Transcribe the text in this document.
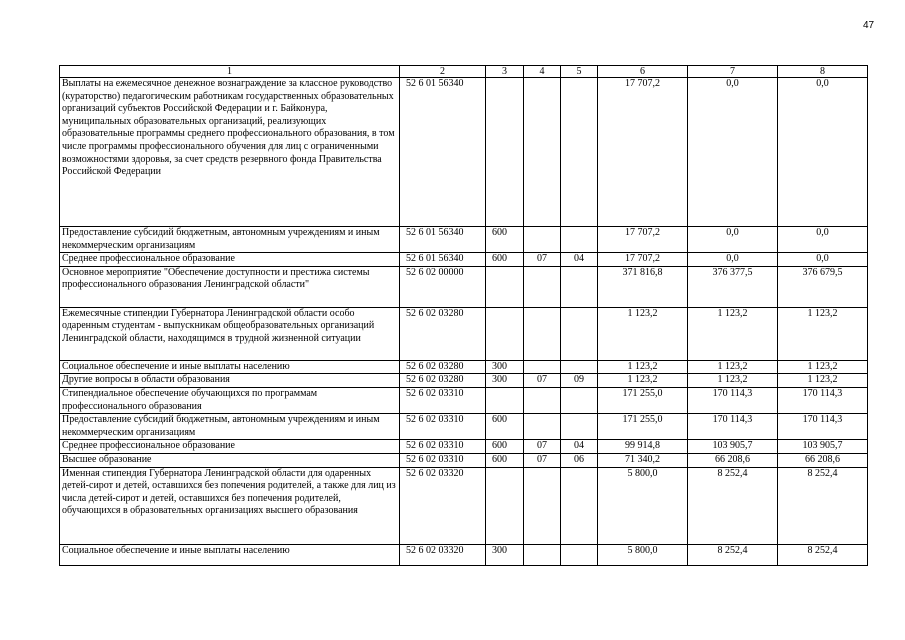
47
1	2	3	4	5	6	7	8
Выплаты на ежемесячное денежное вознаграждение за классное руководство (кураторство) педагогическим работникам государственных образовательных организаций субъектов Российской Федерации и г. Байконура, муниципальных образовательных организаций, реализующих образовательные программы среднего профессионального образования, в том числе программы профессионального обучения для лиц с ограниченными возможностями здоровья, за счет средств резервного фонда Правительства Российской Федерации	52 6 01 56340				17 707,2	0,0	0,0
Предоставление субсидий бюджетным, автономным учреждениям и иным некоммерческим организациям	52 6 01 56340	600			17 707,2	0,0	0,0
Среднее профессиональное образование	52 6 01 56340	600	07	04	17 707,2	0,0	0,0
Основное мероприятие "Обеспечение доступности и престижа системы профессионального образования Ленинградской области"	52 6 02 00000				371 816,8	376 377,5	376 679,5
Ежемесячные стипендии Губернатора Ленинградской области особо одаренным студентам - выпускникам общеобразовательных организаций Ленинградской области, находящимся в трудной жизненной ситуации	52 6 02 03280				1 123,2	1 123,2	1 123,2
Социальное обеспечение и иные выплаты населению	52 6 02 03280	300			1 123,2	1 123,2	1 123,2
Другие вопросы в области образования	52 6 02 03280	300	07	09	1 123,2	1 123,2	1 123,2
Стипендиальное обеспечение обучающихся по программам профессионального образования	52 6 02 03310				171 255,0	170 114,3	170 114,3
Предоставление субсидий бюджетным, автономным учреждениям и иным некоммерческим организациям	52 6 02 03310	600			171 255,0	170 114,3	170 114,3
Среднее профессиональное образование	52 6 02 03310	600	07	04	99 914,8	103 905,7	103 905,7
Высшее образование	52 6 02 03310	600	07	06	71 340,2	66 208,6	66 208,6
Именная стипендия Губернатора Ленинградской области для одаренных детей-сирот и детей, оставшихся без попечения родителей, а также для лиц из числа детей-сирот и детей, оставшихся без попечения родителей, обучающихся в образовательных организациях высшего образования	52 6 02 03320				5 800,0	8 252,4	8 252,4
Социальное обеспечение и иные выплаты населению	52 6 02 03320	300			5 800,0	8 252,4	8 252,4
